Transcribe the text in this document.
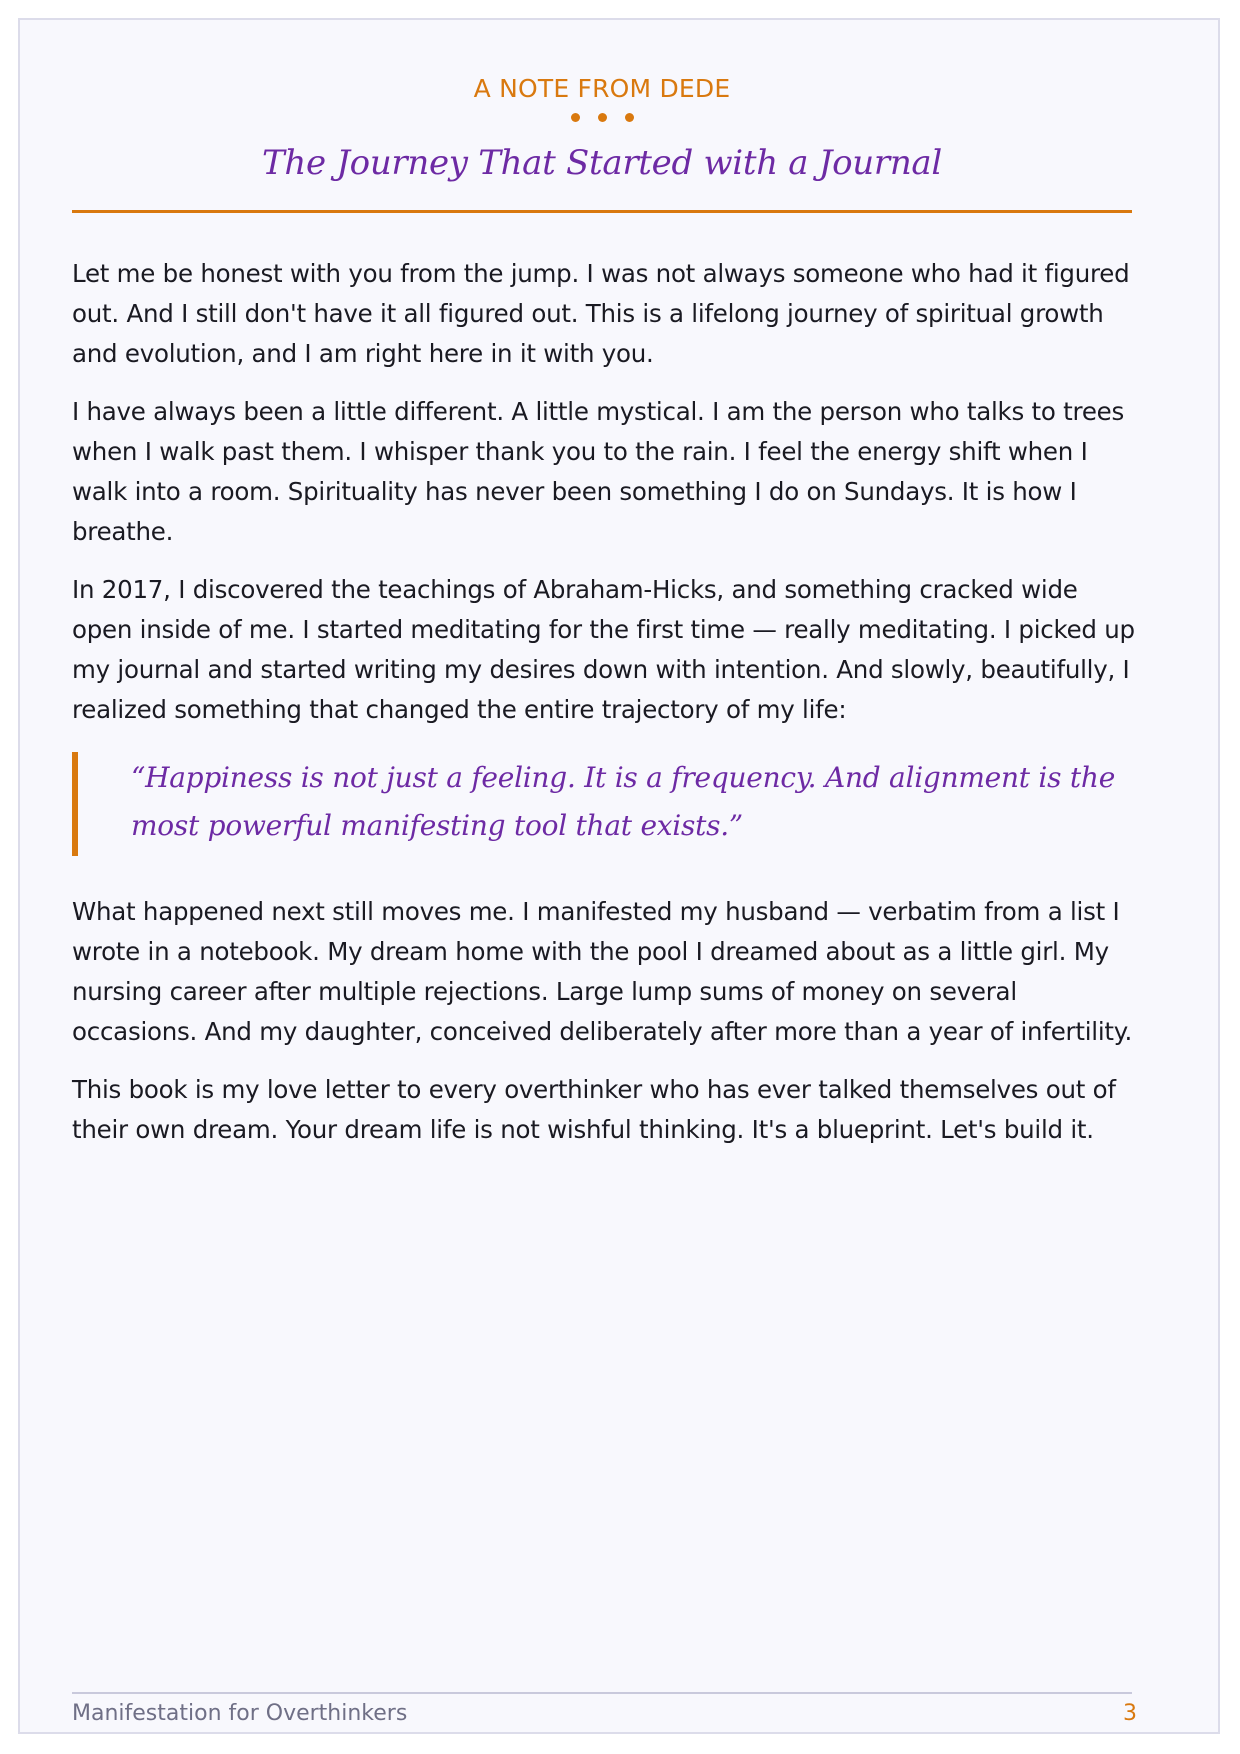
A NOTE FROM DEDE
The Journey That Started with a Journal

Let me be honest with you from the jump. I was not always someone who had it figured out. And I still don't have it all figured out. This is a lifelong journey of spiritual growth and evolution, and I am right here in it with you.

I have always been a little different. A little mystical. I am the person who talks to trees when I walk past them. I whisper thank you to the rain. I feel the energy shift when I walk into a room. Spirituality has never been something I do on Sundays. It is how I breathe.

In 2017, I discovered the teachings of Abraham-Hicks, and something cracked wide open inside of me. I started meditating for the first time — really meditating. I picked up my journal and started writing my desires down with intention. And slowly, beautifully, I realized something that changed the entire trajectory of my life:

“Happiness is not just a feeling. It is a frequency. And alignment is the most powerful manifesting tool that exists.”

What happened next still moves me. I manifested my husband — verbatim from a list I wrote in a notebook. My dream home with the pool I dreamed about as a little girl. My nursing career after multiple rejections. Large lump sums of money on several occasions. And my daughter, conceived deliberately after more than a year of infertility.

This book is my love letter to every overthinker who has ever talked themselves out of their own dream. Your dream life is not wishful thinking. It's a blueprint. Let's build it.

Manifestation for Overthinkers	3
